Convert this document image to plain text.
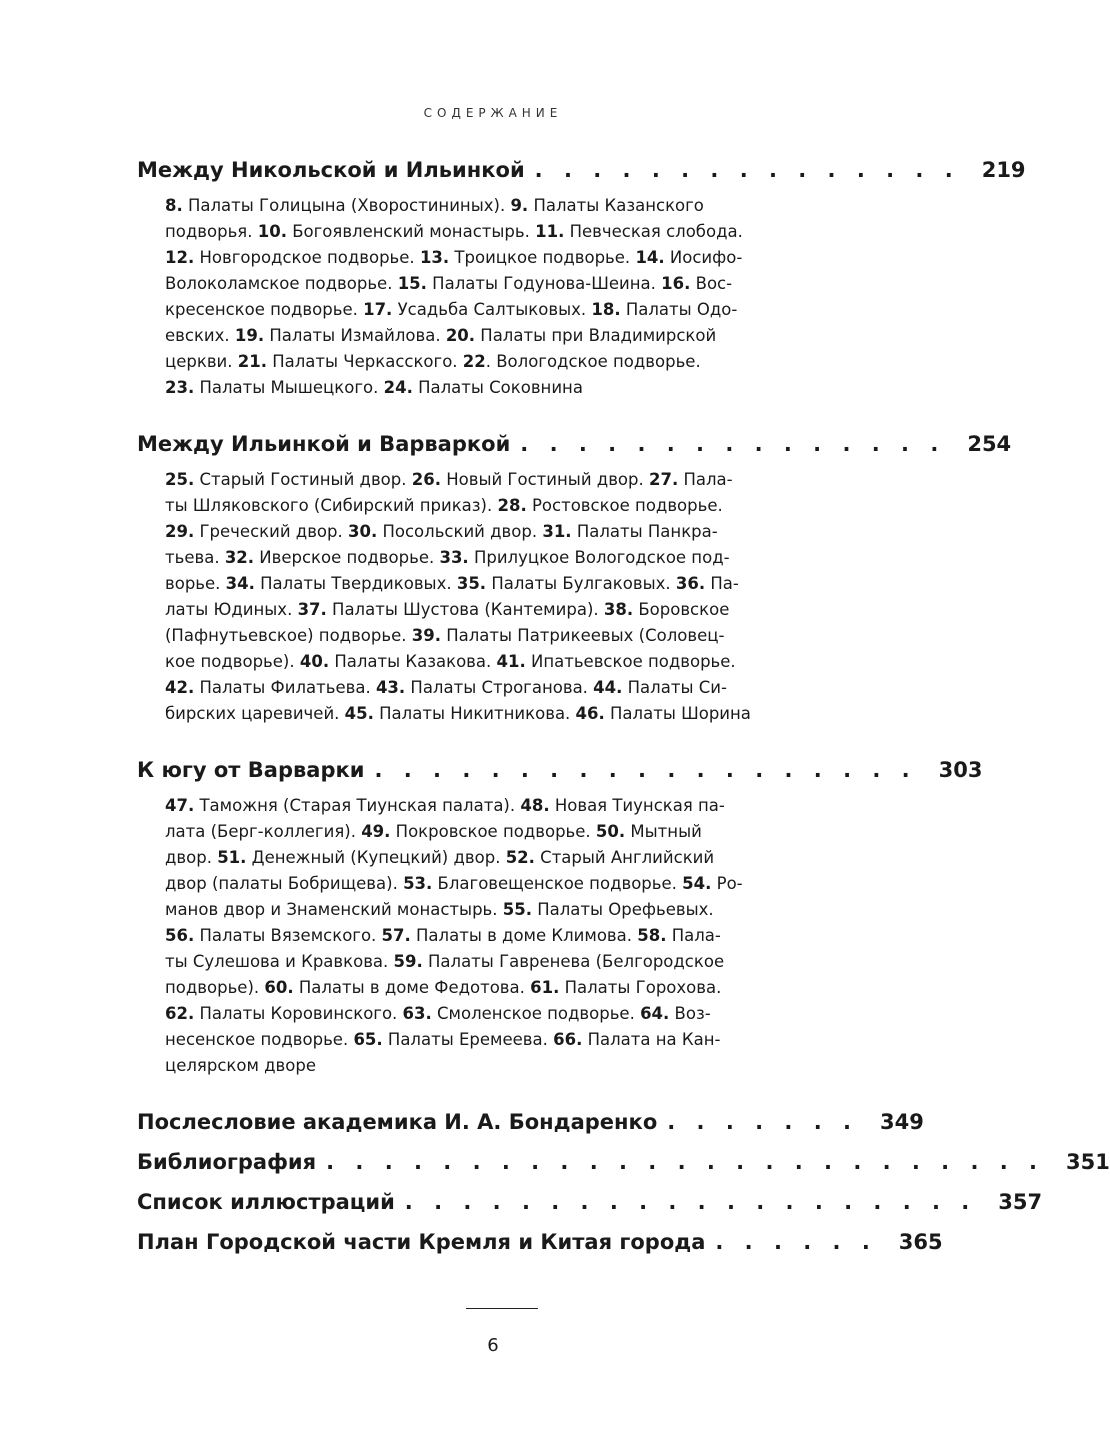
СОДЕРЖАНИЕ
Между Никольской и Ильинкой . . . . . . . . . . . . . . . 219
8. Палаты Голицына (Хворостининых). 9. Палаты Казанского
подворья. 10. Богоявленский монастырь. 11. Певческая слобода.
12. Новгородское подворье. 13. Троицкое подворье. 14. Иосифо-
Волоколамское подворье. 15. Палаты Годунова-Шеина. 16. Вос-
кресенское подворье. 17. Усадьба Салтыковых. 18. Палаты Одо-
евских. 19. Палаты Измайлова. 20. Палаты при Владимирской
церкви. 21. Палаты Черкасского. 22. Вологодское подворье.
23. Палаты Мышецкого. 24. Палаты Соковнина
Между Ильинкой и Варваркой . . . . . . . . . . . . . . . 254
25. Старый Гостиный двор. 26. Новый Гостиный двор. 27. Пала-
ты Шляковского (Сибирский приказ). 28. Ростовское подворье.
29. Греческий двор. 30. Посольский двор. 31. Палаты Панкра-
тьева. 32. Иверское подворье. 33. Прилуцкое Вологодское под-
ворье. 34. Палаты Твердиковых. 35. Палаты Булгаковых. 36. Па-
латы Юдиных. 37. Палаты Шустова (Кантемира). 38. Боровское
(Пафнутьевское) подворье. 39. Палаты Патрикеевых (Соловец-
кое подворье). 40. Палаты Казакова. 41. Ипатьевское подворье.
42. Палаты Филатьева. 43. Палаты Строганова. 44. Палаты Си-
бирских царевичей. 45. Палаты Никитникова. 46. Палаты Шорина
К югу от Варварки . . . . . . . . . . . . . . . . . . . 303
47. Таможня (Старая Тиунская палата). 48. Новая Тиунская па-
лата (Берг-коллегия). 49. Покровское подворье. 50. Мытный
двор. 51. Денежный (Купецкий) двор. 52. Старый Английский
двор (палаты Бобрищева). 53. Благовещенское подворье. 54. Ро-
манов двор и Знаменский монастырь. 55. Палаты Орефьевых.
56. Палаты Вяземского. 57. Палаты в доме Климова. 58. Пала-
ты Сулешова и Кравкова. 59. Палаты Гавренева (Белгородское
подворье). 60. Палаты в доме Федотова. 61. Палаты Горохова.
62. Палаты Коровинского. 63. Смоленское подворье. 64. Воз-
несенское подворье. 65. Палаты Еремеева. 66. Палата на Кан-
целярском дворе
Послесловие академика И. А. Бондаренко . . . . . . . 349
Библиография . . . . . . . . . . . . . . . . . . . . . . . . . 351
Список иллюстраций . . . . . . . . . . . . . . . . . . . . 357
План Городской части Кремля и Китая города . . . . . . 365
6
